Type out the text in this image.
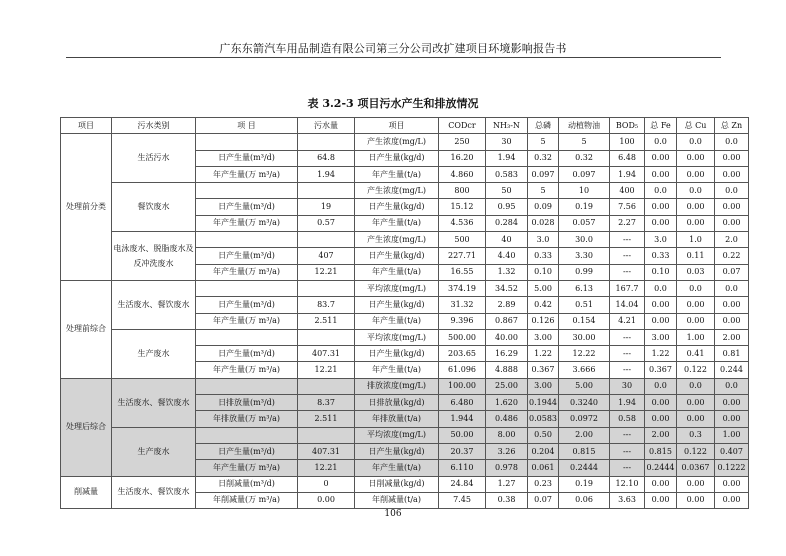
广东东箭汽车用品制造有限公司第三分公司改扩建项目环境影响报告书
表 3.2-3 项目污水产生和排放情况
项目	污水类别	项 目	污水量	项目	CODcr	NH₃-N	总磷	动植物油	BOD₅	总 Fe	总 Cu	总 Zn
处理前分类	生活污水			产生浓度(mg/L)	250	30	5	5	100	0.0	0.0	0.0
		日产生量(m³/d)	64.8	日产生量(kg/d)	16.20	1.94	0.32	0.32	6.48	0.00	0.00	0.00
		年产生量(万 m³/a)	1.94	年产生量(t/a)	4.860	0.583	0.097	0.097	1.94	0.00	0.00	0.00
	餐饮废水			产生浓度(mg/L)	800	50	5	10	400	0.0	0.0	0.0
		日产生量(m³/d)	19	日产生量(kg/d)	15.12	0.95	0.09	0.19	7.56	0.00	0.00	0.00
		年产生量(万 m³/a)	0.57	年产生量(t/a)	4.536	0.284	0.028	0.057	2.27	0.00	0.00	0.00
	电泳废水、脱脂废水及反冲洗废水			产生浓度(mg/L)	500	40	3.0	30.0	---	3.0	1.0	2.0
		日产生量(m³/d)	407	日产生量(kg/d)	227.71	4.40	0.33	3.30	---	0.33	0.11	0.22
		年产生量(万 m³/a)	12.21	年产生量(t/a)	16.55	1.32	0.10	0.99	---	0.10	0.03	0.07
处理前综合	生活废水、餐饮废水			平均浓度(mg/L)	374.19	34.52	5.00	6.13	167.7	0.0	0.0	0.0
		日产生量(m³/d)	83.7	日产生量(kg/d)	31.32	2.89	0.42	0.51	14.04	0.00	0.00	0.00
		年产生量(万 m³/a)	2.511	年产生量(t/a)	9.396	0.867	0.126	0.154	4.21	0.00	0.00	0.00
	生产废水			平均浓度(mg/L)	500.00	40.00	3.00	30.00	---	3.00	1.00	2.00
		日产生量(m³/d)	407.31	日产生量(kg/d)	203.65	16.29	1.22	12.22	---	1.22	0.41	0.81
		年产生量(万 m³/a)	12.21	年产生量(t/a)	61.096	4.888	0.367	3.666	---	0.367	0.122	0.244
处理后综合	生活废水、餐饮废水			排放浓度(mg/L)	100.00	25.00	3.00	5.00	30	0.0	0.0	0.0
		日排放量(m³/d)	8.37	日排放量(kg/d)	6.480	1.620	0.1944	0.3240	1.94	0.00	0.00	0.00
		年排放量(万 m³/a)	2.511	年排放量(t/a)	1.944	0.486	0.0583	0.0972	0.58	0.00	0.00	0.00
	生产废水			平均浓度(mg/L)	50.00	8.00	0.50	2.00	---	2.00	0.3	1.00
		日产生量(m³/d)	407.31	日产生量(kg/d)	20.37	3.26	0.204	0.815	---	0.815	0.122	0.407
		年产生量(万 m³/a)	12.21	年产生量(t/a)	6.110	0.978	0.061	0.2444	---	0.2444	0.0367	0.1222
削减量	生活废水、餐饮废水	日削减量(m³/d)	0	日削减量(kg/d)	24.84	1.27	0.23	0.19	12.10	0.00	0.00	0.00
		年削减量(万 m³/a)	0.00	年削减量(t/a)	7.45	0.38	0.07	0.06	3.63	0.00	0.00	0.00
106
